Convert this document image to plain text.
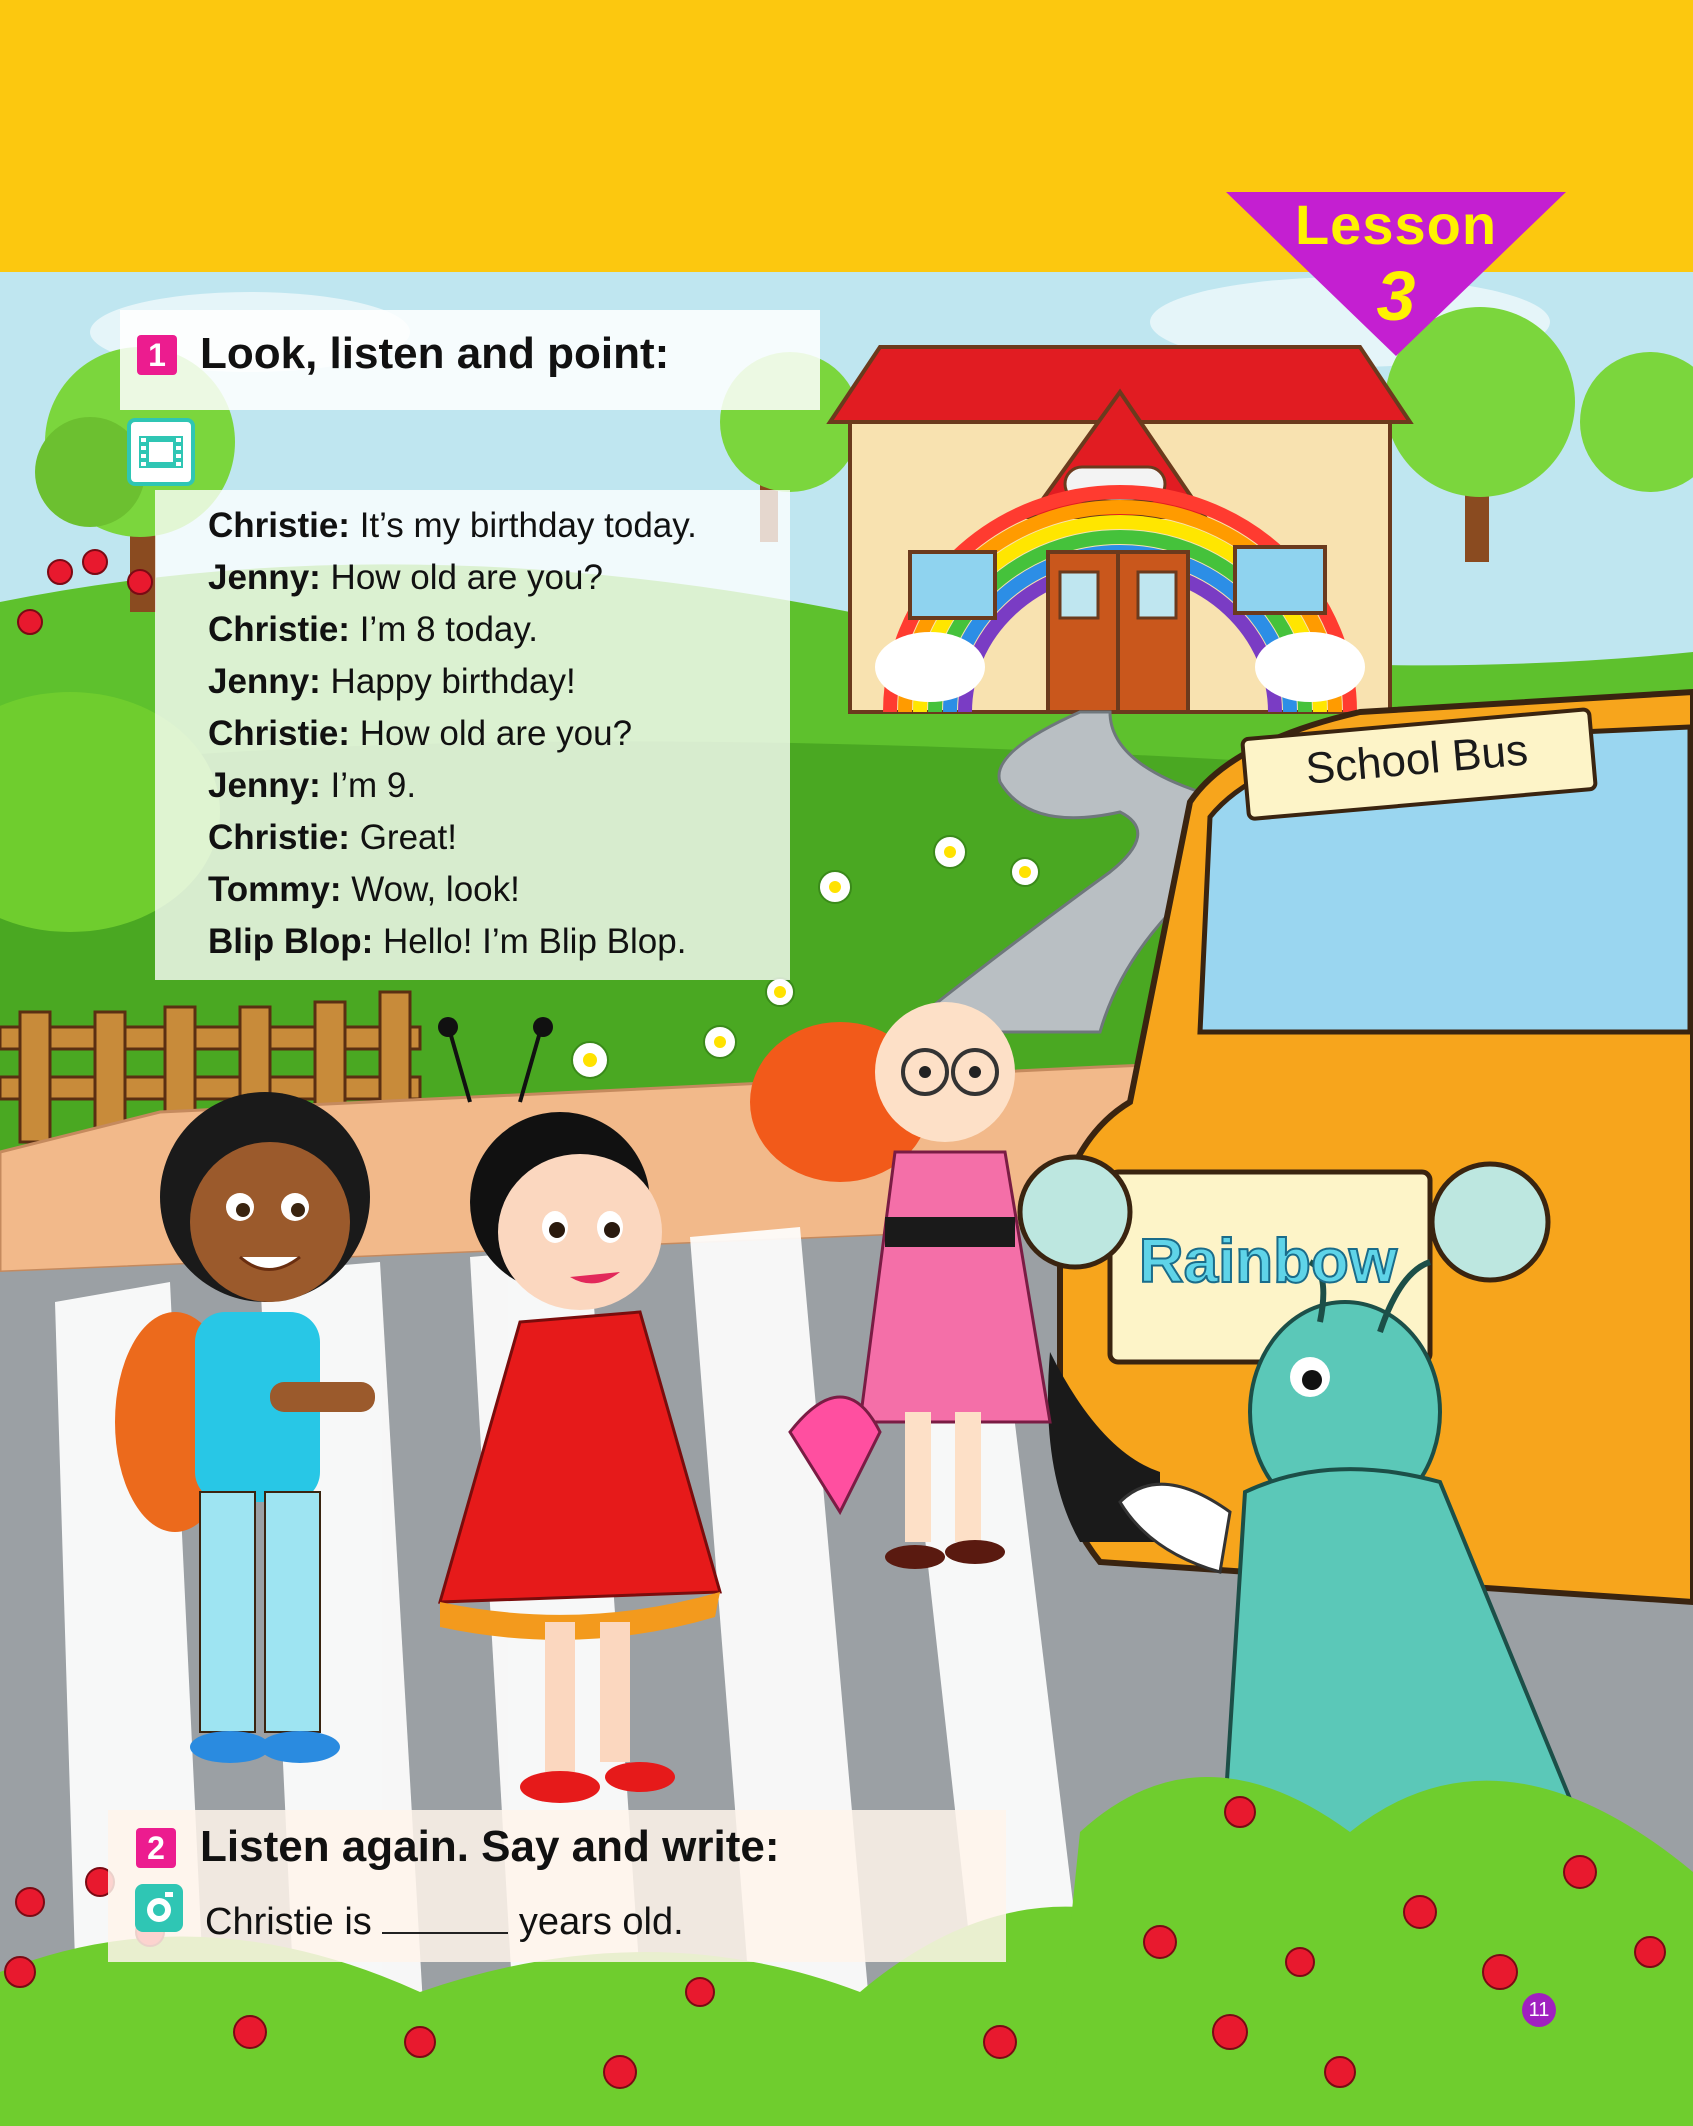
School Bus
Rainbow
Lesson
3
1 Look, listen and point:
Christie: It’s my birthday today.
Jenny: How old are you?
Christie: I’m 8 today.
Jenny: Happy birthday!
Christie: How old are you?
Jenny: I’m 9.
Christie: Great!
Tommy: Wow, look!
Blip Blop: Hello! I’m Blip Blop.
2 Listen again. Say and write:
Christie is	years old.
11
